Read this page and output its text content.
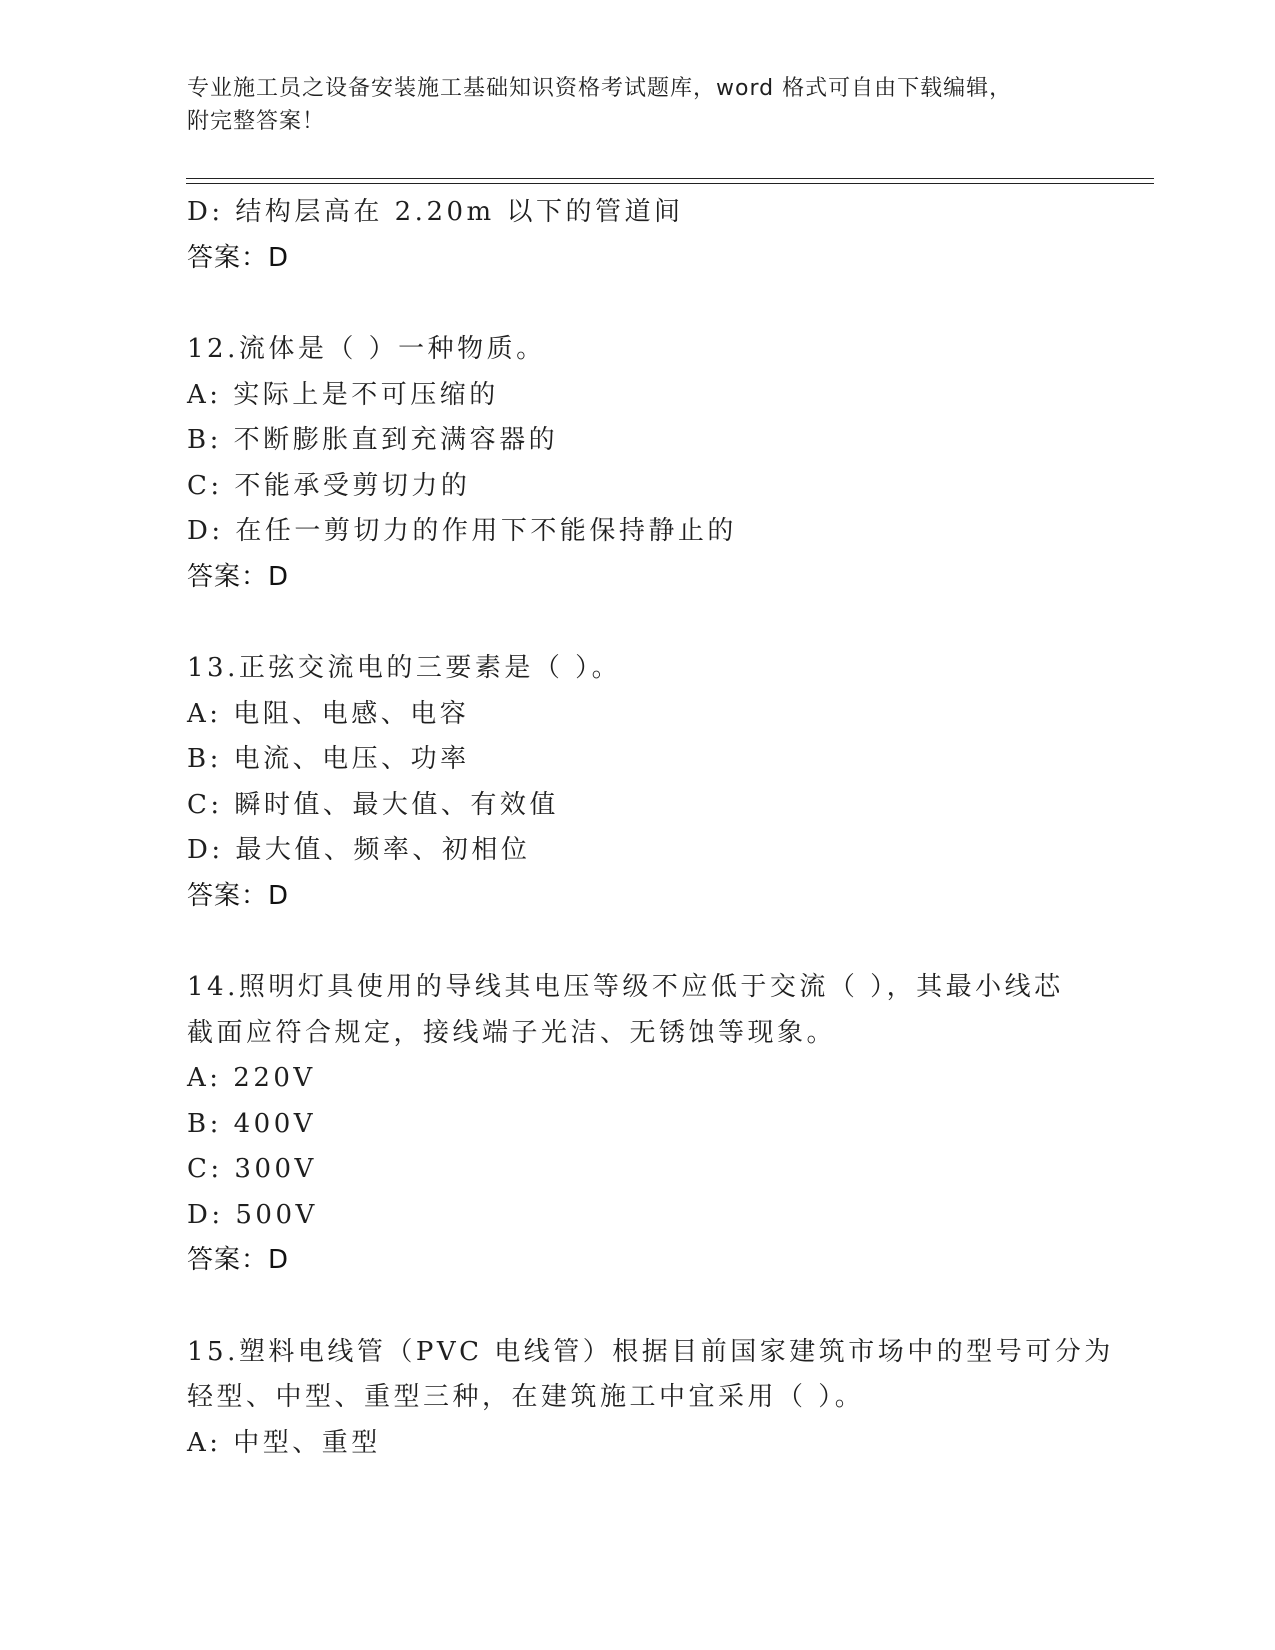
专业施工员之设备安装施工基础知识资格考试题库，word 格式可自由下载编辑，
附完整答案！
D: 结构层高在 2.20m 以下的管道间
答案：D
12.流体是（ ）一种物质。
A: 实际上是不可压缩的
B: 不断膨胀直到充满容器的
C: 不能承受剪切力的
D: 在任一剪切力的作用下不能保持静止的
答案：D
13.正弦交流电的三要素是（ ）。
A: 电阻、电感、电容
B: 电流、电压、功率
C: 瞬时值、最大值、有效值
D: 最大值、频率、初相位
答案：D
14.照明灯具使用的导线其电压等级不应低于交流（ ），其最小线芯
截面应符合规定，接线端子光洁、无锈蚀等现象。
A: 220V
B: 400V
C: 300V
D: 500V
答案：D
15.塑料电线管（PVC 电线管）根据目前国家建筑市场中的型号可分为
轻型、中型、重型三种，在建筑施工中宜采用（ ）。
A: 中型、重型
